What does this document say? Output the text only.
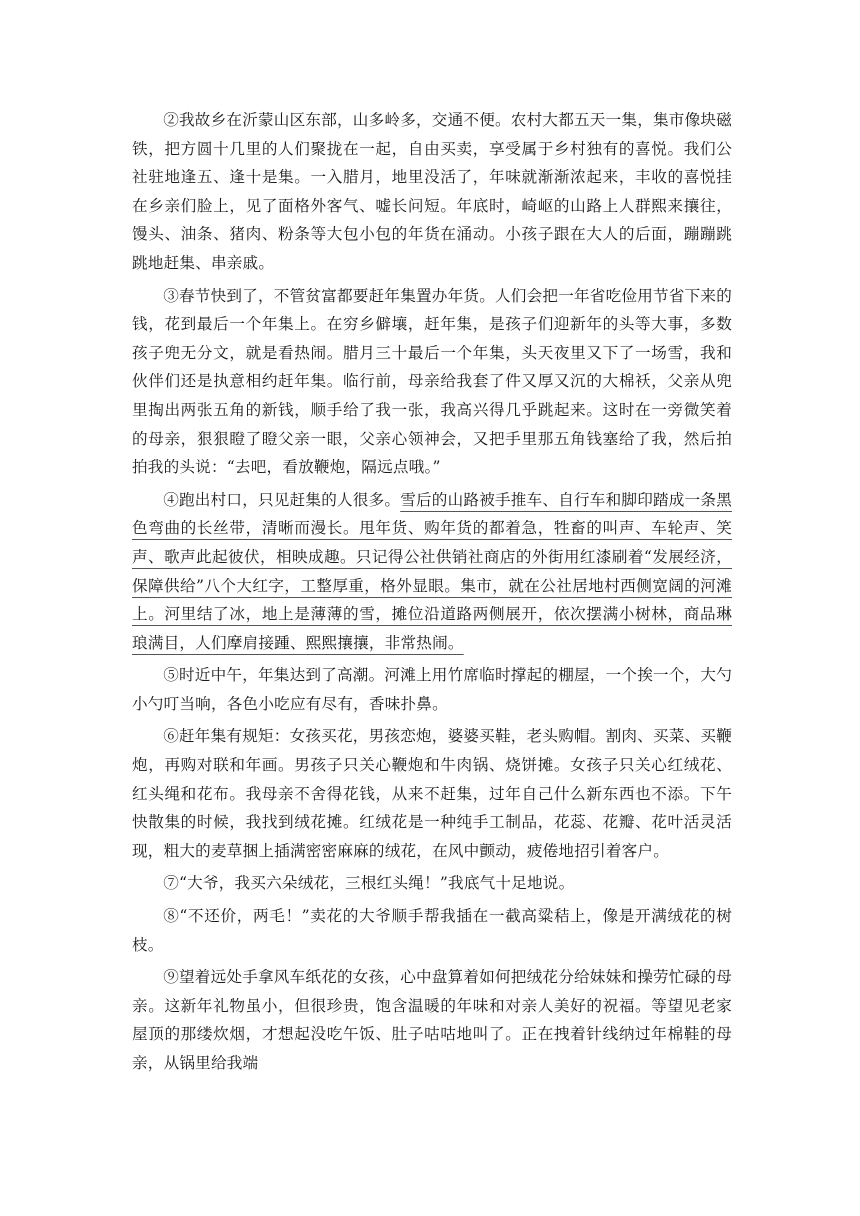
②我故乡在沂蒙山区东部，山多岭多，交通不便。农村大都五天一集，集市像块磁铁，把方圆十几里的人们聚拢在一起，自由买卖，享受属于乡村独有的喜悦。我们公社驻地逢五、逢十是集。一入腊月，地里没活了，年味就渐渐浓起来，丰收的喜悦挂在乡亲们脸上，见了面格外客气、嘘长问短。年底时，崎岖的山路上人群熙来攘往，馒头、油条、猪肉、粉条等大包小包的年货在涌动。小孩子跟在大人的后面，蹦蹦跳跳地赶集、串亲戚。

③春节快到了，不管贫富都要赶年集置办年货。人们会把一年省吃俭用节省下来的钱，花到最后一个年集上。在穷乡僻壤，赶年集，是孩子们迎新年的头等大事，多数孩子兜无分文，就是看热闹。腊月三十最后一个年集，头天夜里又下了一场雪，我和伙伴们还是执意相约赶年集。临行前，母亲给我套了件又厚又沉的大棉袄，父亲从兜里掏出两张五角的新钱，顺手给了我一张，我高兴得几乎跳起来。这时在一旁微笑着的母亲，狠狠瞪了瞪父亲一眼，父亲心领神会，又把手里那五角钱塞给了我，然后拍拍我的头说：“去吧，看放鞭炮，隔远点哦。”

④跑出村口，只见赶集的人很多。雪后的山路被手推车、自行车和脚印踏成一条黑色弯曲的长丝带，清晰而漫长。甩年货、购年货的都着急，牲畜的叫声、车轮声、笑声、歌声此起彼伏，相映成趣。只记得公社供销社商店的外街用红漆刷着“发展经济，保障供给”八个大红字，工整厚重，格外显眼。集市，就在公社居地村西侧宽阔的河滩上。河里结了冰，地上是薄薄的雪，摊位沿道路两侧展开，依次摆满小树林，商品琳琅满目，人们摩肩接踵、熙熙攘攘，非常热闹。

⑤时近中午，年集达到了高潮。河滩上用竹席临时撑起的棚屋，一个挨一个，大勺小勺叮当响，各色小吃应有尽有，香味扑鼻。

⑥赶年集有规矩：女孩买花，男孩恋炮，婆婆买鞋，老头购帽。割肉、买菜、买鞭炮，再购对联和年画。男孩子只关心鞭炮和牛肉锅、烧饼摊。女孩子只关心红绒花、红头绳和花布。我母亲不舍得花钱，从来不赶集，过年自己什么新东西也不添。下午快散集的时候，我找到绒花摊。红绒花是一种纯手工制品，花蕊、花瓣、花叶活灵活现，粗大的麦草捆上插满密密麻麻的绒花，在风中颤动，疲倦地招引着客户。

⑦“大爷，我买六朵绒花，三根红头绳！”我底气十足地说。

⑧“不还价，两毛！”卖花的大爷顺手帮我插在一截高粱秸上，像是开满绒花的树枝。

⑨望着远处手拿风车纸花的女孩，心中盘算着如何把绒花分给妹妹和操劳忙碌的母亲。这新年礼物虽小，但很珍贵，饱含温暖的年味和对亲人美好的祝福。等望见老家屋顶的那缕炊烟，才想起没吃午饭、肚子咕咕地叫了。正在拽着针线纳过年棉鞋的母亲，从锅里给我端
